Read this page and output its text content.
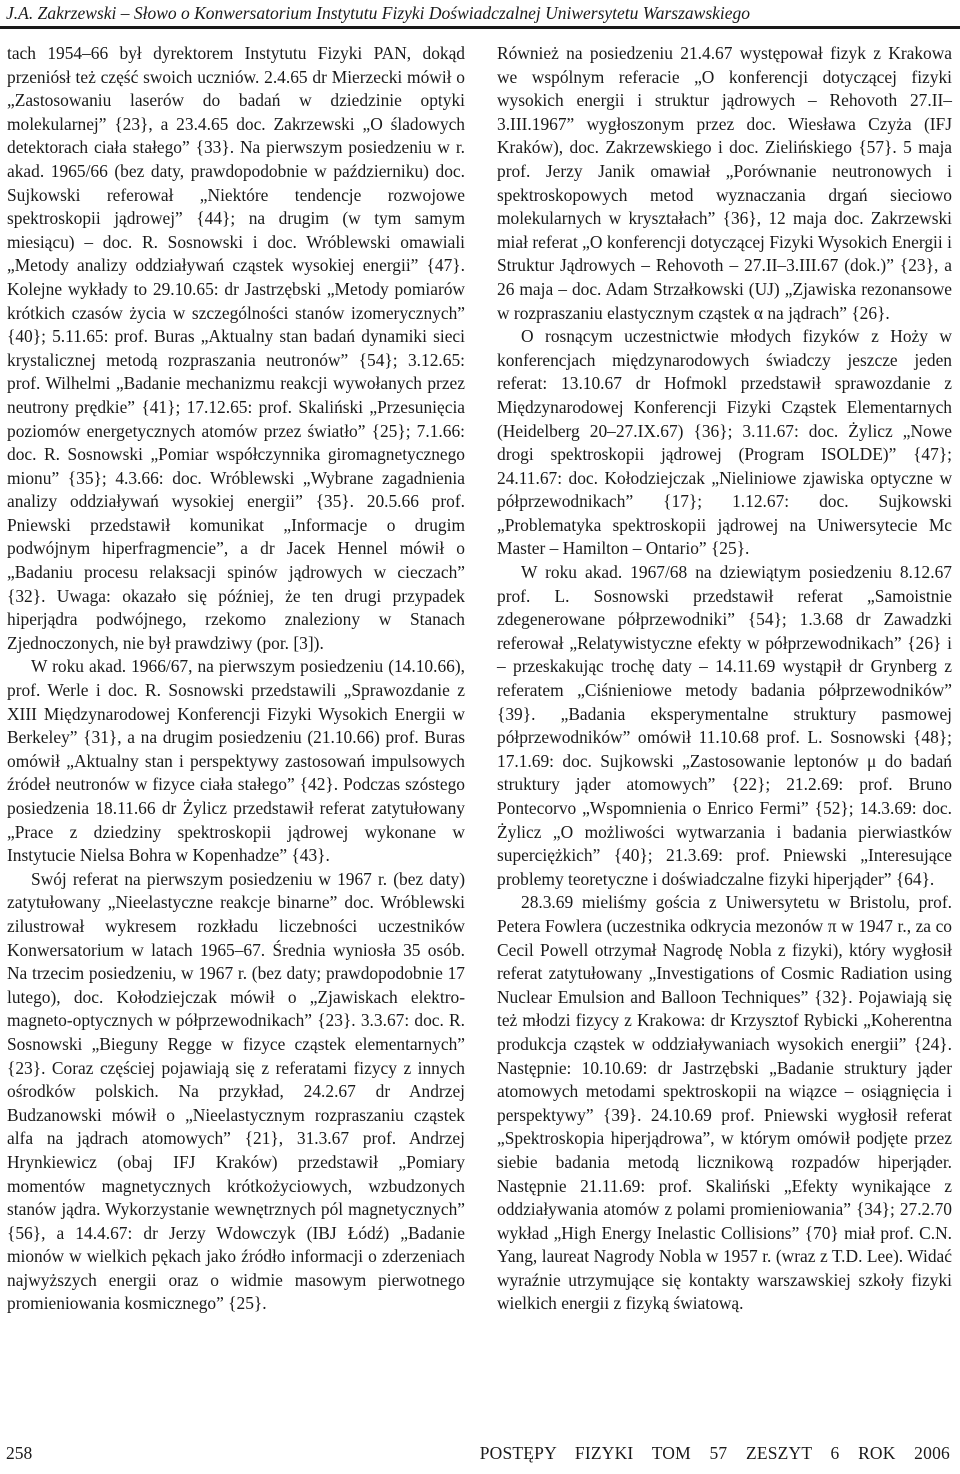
J.A. Zakrzewski – Słowo o Konwersatorium Instytutu Fizyki Doświadczalnej Uniwersytetu Warszawskiego

tach 1954–66 był dyrektorem Instytutu Fizyki PAN, dokąd przeniósł też część swoich uczniów. 2.4.65 dr Mierzecki mówił o „Zastosowaniu laserów do badań w dziedzinie optyki molekularnej” {23}, a 23.4.65 doc. Zakrzewski „O śladowych detektorach ciała stałego” {33}. Na pierwszym posiedzeniu w r. akad. 1965/66 (bez daty, prawdopodobnie w październiku) doc. Sujkowski referował „Niektóre tendencje rozwojowe spektroskopii jądrowej” {44}; na drugim (w tym samym miesiącu) – doc. R. Sosnowski i doc. Wróblewski omawiali „Metody analizy oddziaływań cząstek wysokiej energii” {47}. Kolejne wykłady to 29.10.65: dr Jastrzębski „Metody pomiarów krótkich czasów życia w szczególności stanów izomerycznych” {40}; 5.11.65: prof. Buras „Aktualny stan badań dynamiki sieci krystalicznej metodą rozpraszania neutronów” {54}; 3.12.65: prof. Wilhelmi „Badanie mechanizmu reakcji wywołanych przez neutrony prędkie” {41}; 17.12.65: prof. Skaliński „Przesunięcia poziomów energetycznych atomów przez światło” {25}; 7.1.66: doc. R. Sosnowski „Pomiar współczynnika giromagnetycznego mionu” {35}; 4.3.66: doc. Wróblewski „Wybrane zagadnienia analizy oddziaływań wysokiej energii” {35}. 20.5.66 prof. Pniewski przedstawił komunikat „Informacje o drugim podwójnym hiperfragmencie”, a dr Jacek Hennel mówił o „Badaniu procesu relaksacji spinów jądrowych w cieczach” {32}. Uwaga: okazało się później, że ten drugi przypadek hiperjądra podwójnego, rzekomo znaleziony w Stanach Zjednoczonych, nie był prawdziwy (por. [3]).

W roku akad. 1966/67, na pierwszym posiedzeniu (14.10.66), prof. Werle i doc. R. Sosnowski przedstawili „Sprawozdanie z XIII Międzynarodowej Konferencji Fizyki Wysokich Energii w Berkeley” {31}, a na drugim posiedzeniu (21.10.66) prof. Buras omówił „Aktualny stan i perspektywy zastosowań impulsowych źródeł neutronów w fizyce ciała stałego” {42}. Podczas szóstego posiedzenia 18.11.66 dr Żylicz przedstawił referat zatytułowany „Prace z dziedziny spektroskopii jądrowej wykonane w Instytucie Nielsa Bohra w Kopenhadze” {43}.

Swój referat na pierwszym posiedzeniu w 1967 r. (bez daty) zatytułowany „Nieelastyczne reakcje binarne” doc. Wróblewski zilustrował wykresem rozkładu liczebności uczestników Konwersatorium w latach 1965–67. Średnia wyniosła 35 osób. Na trzecim posiedzeniu, w 1967 r. (bez daty; prawdopodobnie 17 lutego), doc. Kołodziejczak mówił o „Zjawiskach elektro-magneto-optycznych w półprzewodnikach” {23}. 3.3.67: doc. R. Sosnowski „Bieguny Regge w fizyce cząstek elementarnych” {23}. Coraz częściej pojawiają się z referatami fizycy z innych ośrodków polskich. Na przykład, 24.2.67 dr Andrzej Budzanowski mówił o „Nieelastycznym rozpraszaniu cząstek alfa na jądrach atomowych” {21}, 31.3.67 prof. Andrzej Hrynkiewicz (obaj IFJ Kraków) przedstawił „Pomiary momentów magnetycznych krótkożyciowych, wzbudzonych stanów jądra. Wykorzystanie wewnętrznych pól magnetycznych” {56}, a 14.4.67: dr Jerzy Wdowczyk (IBJ Łódź) „Badanie mionów w wielkich pękach jako źródło informacji o zderzeniach najwyższych energii oraz o widmie masowym pierwotnego promieniowania kosmicznego” {25}.

Również na posiedzeniu 21.4.67 występował fizyk z Krakowa we wspólnym referacie „O konferencji dotyczącej fizyki wysokich energii i struktur jądrowych – Rehovoth 27.II–3.III.1967” wygłoszonym przez doc. Wiesława Czyża (IFJ Kraków), doc. Zakrzewskiego i doc. Zielińskiego {57}. 5 maja prof. Jerzy Janik omawiał „Porównanie neutronowych i spektroskopowych metod wyznaczania drgań sieciowo molekularnych w kryształach” {36}, 12 maja doc. Zakrzewski miał referat „O konferencji dotyczącej Fizyki Wysokich Energii i Struktur Jądrowych – Rehovoth – 27.II–3.III.67 (dok.)” {23}, a 26 maja – doc. Adam Strzałkowski (UJ) „Zjawiska rezonansowe w rozpraszaniu elastycznym cząstek α na jądrach” {26}.

O rosnącym uczestnictwie młodych fizyków z Hoży w konferencjach międzynarodowych świadczy jeszcze jeden referat: 13.10.67 dr Hofmokl przedstawił sprawozdanie z Międzynarodowej Konferencji Fizyki Cząstek Elementarnych (Heidelberg 20–27.IX.67) {36}; 3.11.67: doc. Żylicz „Nowe drogi spektroskopii jądrowej (Program ISOLDE)” {47}; 24.11.67: doc. Kołodziejczak „Nieliniowe zjawiska optyczne w półprzewodnikach” {17}; 1.12.67: doc. Sujkowski „Problematyka spektroskopii jądrowej na Uniwersytecie Mc Master – Hamilton – Ontario” {25}.

W roku akad. 1967/68 na dziewiątym posiedzeniu 8.12.67 prof. L. Sosnowski przedstawił referat „Samoistnie zdegenerowane półprzewodniki” {54}; 1.3.68 dr Zawadzki referował „Relatywistyczne efekty w półprzewodnikach” {26} i – przeskakując trochę daty – 14.11.69 wystąpił dr Grynberg z referatem „Ciśnieniowe metody badania półprzewodników” {39}. „Badania eksperymentalne struktury pasmowej półprzewodników” omówił 11.10.68 prof. L. Sosnowski {48}; 17.1.69: doc. Sujkowski „Zastosowanie leptonów μ do badań struktury jąder atomowych” {22}; 21.2.69: prof. Bruno Pontecorvo „Wspomnienia o Enrico Fermi” {52}; 14.3.69: doc. Żylicz „O możliwości wytwarzania i badania pierwiastków superciężkich” {40}; 21.3.69: prof. Pniewski „Interesujące problemy teoretyczne i doświadczalne fizyki hiperjąder” {64}.

28.3.69 mieliśmy gościa z Uniwersytetu w Bristolu, prof. Petera Fowlera (uczestnika odkrycia mezonów π w 1947 r., za co Cecil Powell otrzymał Nagrodę Nobla z fizyki), który wygłosił referat zatytułowany „Investigations of Cosmic Radiation using Nuclear Emulsion and Balloon Techniques” {32}. Pojawiają się też młodzi fizycy z Krakowa: dr Krzysztof Rybicki „Koherentna produkcja cząstek w oddziaływaniach wysokich energii” {24}. Następnie: 10.10.69: dr Jastrzębski „Badanie struktury jąder atomowych metodami spektroskopii na wiązce – osiągnięcia i perspektywy” {39}. 24.10.69 prof. Pniewski wygłosił referat „Spektroskopia hiperjądrowa”, w którym omówił podjęte przez siebie badania metodą licznikową rozpadów hiperjąder. Następnie 21.11.69: prof. Skaliński „Efekty wynikające z oddziaływania atomów z polami promieniowania” {34}; 27.2.70 wykład „High Energy Inelastic Collisions” {70} miał prof. C.N. Yang, laureat Nagrody Nobla w 1957 r. (wraz z T.D. Lee). Widać wyraźnie utrzymujące się kontakty warszawskiej szkoły fizyki wielkich energii z fizyką światową.

258	POSTĘPY FIZYKI TOM 57 ZESZYT 6 ROK 2006
